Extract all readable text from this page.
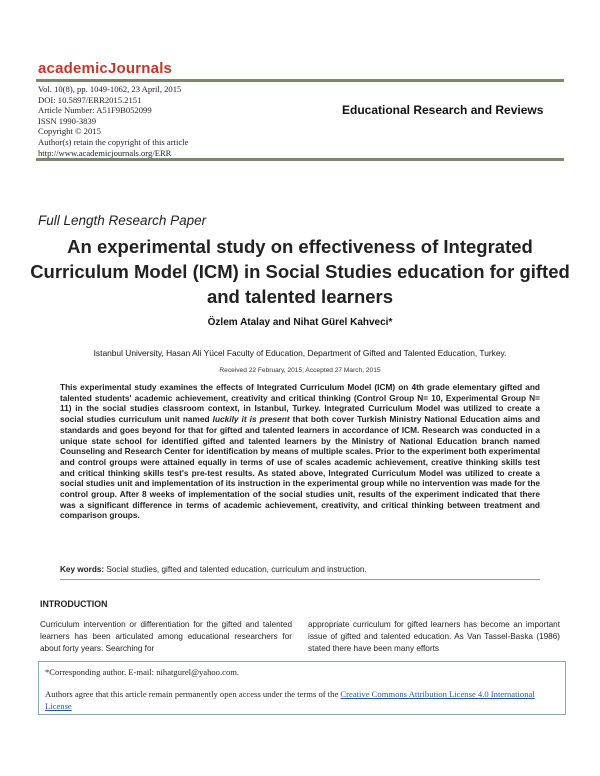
academicJournals
Vol. 10(8), pp. 1049-1062, 23 April, 2015
DOI: 10.5897/ERR2015.2151
Article Number: A51F9B052099
ISSN 1990-3839
Copyright © 2015
Author(s) retain the copyright of this article
http://www.academicjournals.org/ERR
Educational Research and Reviews
Full Length Research Paper
An experimental study on effectiveness of Integrated Curriculum Model (ICM) in Social Studies education for gifted and talented learners
Özlem Atalay and Nihat Gürel Kahveci*
Istanbul University, Hasan Ali Yücel Faculty of Education, Department of Gifted and Talented Education, Turkey.
Received 22 February, 2015; Accepted 27 March, 2015
This experimental study examines the effects of Integrated Curriculum Model (ICM) on 4th grade elementary gifted and talented students' academic achievement, creativity and critical thinking (Control Group N= 10, Experimental Group N= 11) in the social studies classroom context, in Istanbul, Turkey. Integrated Curriculum Model was utilized to create a social studies curriculum unit named luckily it is present that both cover Turkish Ministry National Education aims and standards and goes beyond for that for gifted and talented learners in accordance of ICM. Research was conducted in a unique state school for identified gifted and talented learners by the Ministry of National Education branch named Counseling and Research Center for identification by means of multiple scales. Prior to the experiment both experimental and control groups were attained equally in terms of use of scales academic achievement, creative thinking skills test and critical thinking skills test's pre-test results. As stated above, Integrated Curriculum Model was utilized to create a social studies unit and implementation of its instruction in the experimental group while no intervention was made for the control group. After 8 weeks of implementation of the social studies unit, results of the experiment indicated that there was a significant difference in terms of academic achievement, creativity, and critical thinking between treatment and comparison groups.
Key words: Social studies, gifted and talented education, curriculum and instruction.
INTRODUCTION
Curriculum intervention or differentiation for the gifted and talented learners has been articulated among educational researchers for about forty years. Searching for
appropriate curriculum for gifted learners has become an important issue of gifted and talented education. As Van Tassel-Baska (1986) stated there have been many efforts
*Corresponding author. E-mail: nihatgurel@yahoo.com.
Authors agree that this article remain permanently open access under the terms of the Creative Commons Attribution License 4.0 International License
